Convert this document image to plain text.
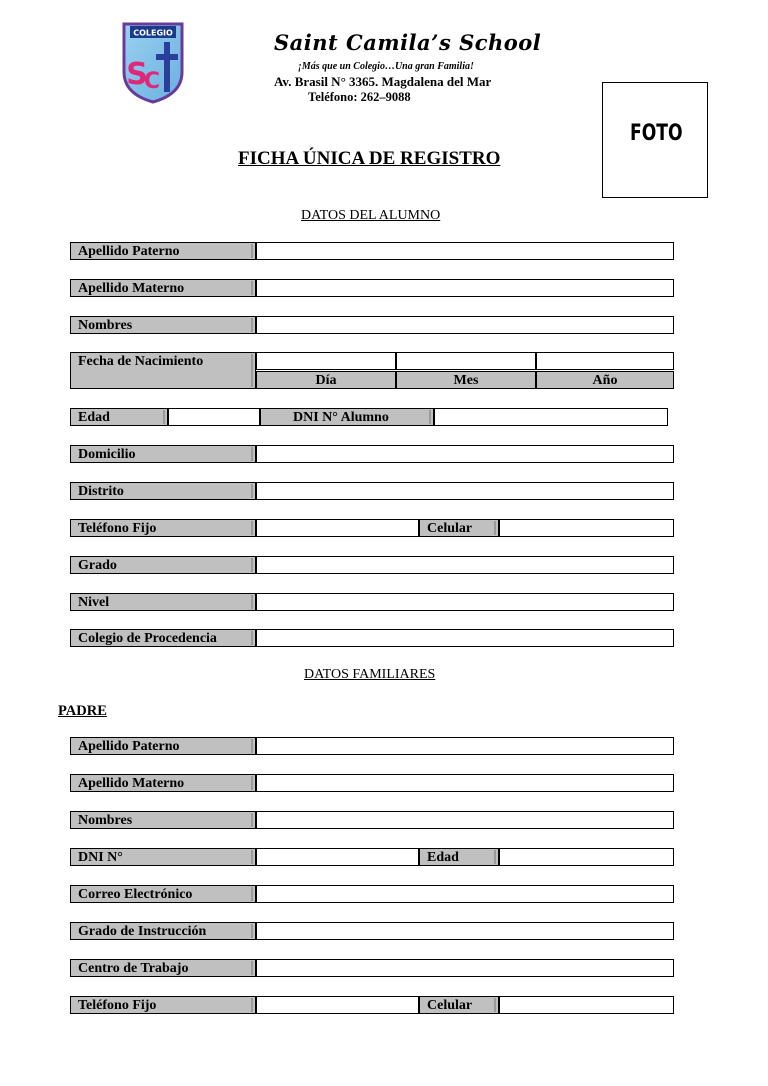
COLEGIO
S
C
Saint Camila’s School
¡Más que un Colegio…Una gran Familia!
Av. Brasil N° 3365. Magdalena del Mar
Teléfono: 262–9088
FOTO
FICHA ÚNICA DE REGISTRO
DATOS DEL ALUMNO
Apellido Paterno
Apellido Materno
Nombres
Fecha de Nacimiento
Día	Mes	Año
Edad	DNI N° Alumno
Domicilio
Distrito
Teléfono Fijo	Celular
Grado
Nivel
Colegio de Procedencia
DATOS FAMILIARES
PADRE
Apellido Paterno
Apellido Materno
Nombres
DNI N°	Edad
Correo Electrónico
Grado de Instrucción
Centro de Trabajo
Teléfono Fijo	Celular
